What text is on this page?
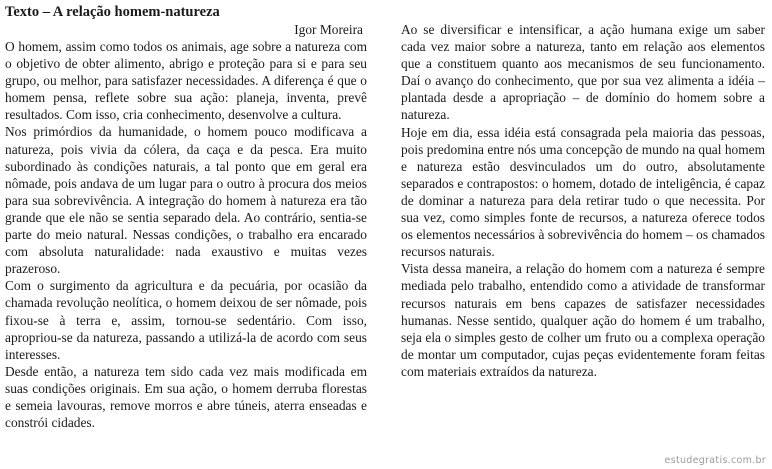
Texto – A relação homem-natureza

Igor Moreira

O homem, assim como todos os animais, age sobre a natureza com o objetivo de obter alimento, abrigo e proteção para si e para seu grupo, ou melhor, para satisfazer necessidades. A diferença é que o homem pensa, reflete sobre sua ação: planeja, inventa, prevê resultados. Com isso, cria conhecimento, desenvolve a cultura.

Nos primórdios da humanidade, o homem pouco modificava a natureza, pois vivia da cólera, da caça e da pesca. Era muito subordinado às condições naturais, a tal ponto que em geral era nômade, pois andava de um lugar para o outro à procura dos meios para sua sobrevivência. A integração do homem à natureza era tão grande que ele não se sentia separado dela. Ao contrário, sentia-se parte do meio natural. Nessas condições, o trabalho era encarado com absoluta naturalidade: nada exaustivo e muitas vezes prazeroso.

Com o surgimento da agricultura e da pecuária, por ocasião da chamada revolução neolítica, o homem deixou de ser nômade, pois fixou-se à terra e, assim, tornou-se sedentário. Com isso, apropriou-se da natureza, passando a utilizá-la de acordo com seus interesses.

Desde então, a natureza tem sido cada vez mais modificada em suas condições originais. Em sua ação, o homem derruba florestas e semeia lavouras, remove morros e abre túneis, aterra enseadas e constrói cidades.

Ao se diversificar e intensificar, a ação humana exige um saber cada vez maior sobre a natureza, tanto em relação aos elementos que a constituem quanto aos mecanismos de seu funcionamento. Daí o avanço do conhecimento, que por sua vez alimenta a idéia – plantada desde a apropriação – de domínio do homem sobre a natureza.

Hoje em dia, essa idéia está consagrada pela maioria das pessoas, pois predomina entre nós uma concepção de mundo na qual homem e natureza estão desvinculados um do outro, absolutamente separados e contrapostos: o homem, dotado de inteligência, é capaz de dominar a natureza para dela retirar tudo o que necessita. Por sua vez, como simples fonte de recursos, a natureza oferece todos os elementos necessários à sobrevivência do homem – os chamados recursos naturais.

Vista dessa maneira, a relação do homem com a natureza é sempre mediada pelo trabalho, entendido como a atividade de transformar recursos naturais em bens capazes de satisfazer necessidades humanas. Nesse sentido, qualquer ação do homem é um trabalho, seja ela o simples gesto de colher um fruto ou a complexa operação de montar um computador, cujas peças evidentemente foram feitas com materiais extraídos da natureza.

estudegratis.com.br
